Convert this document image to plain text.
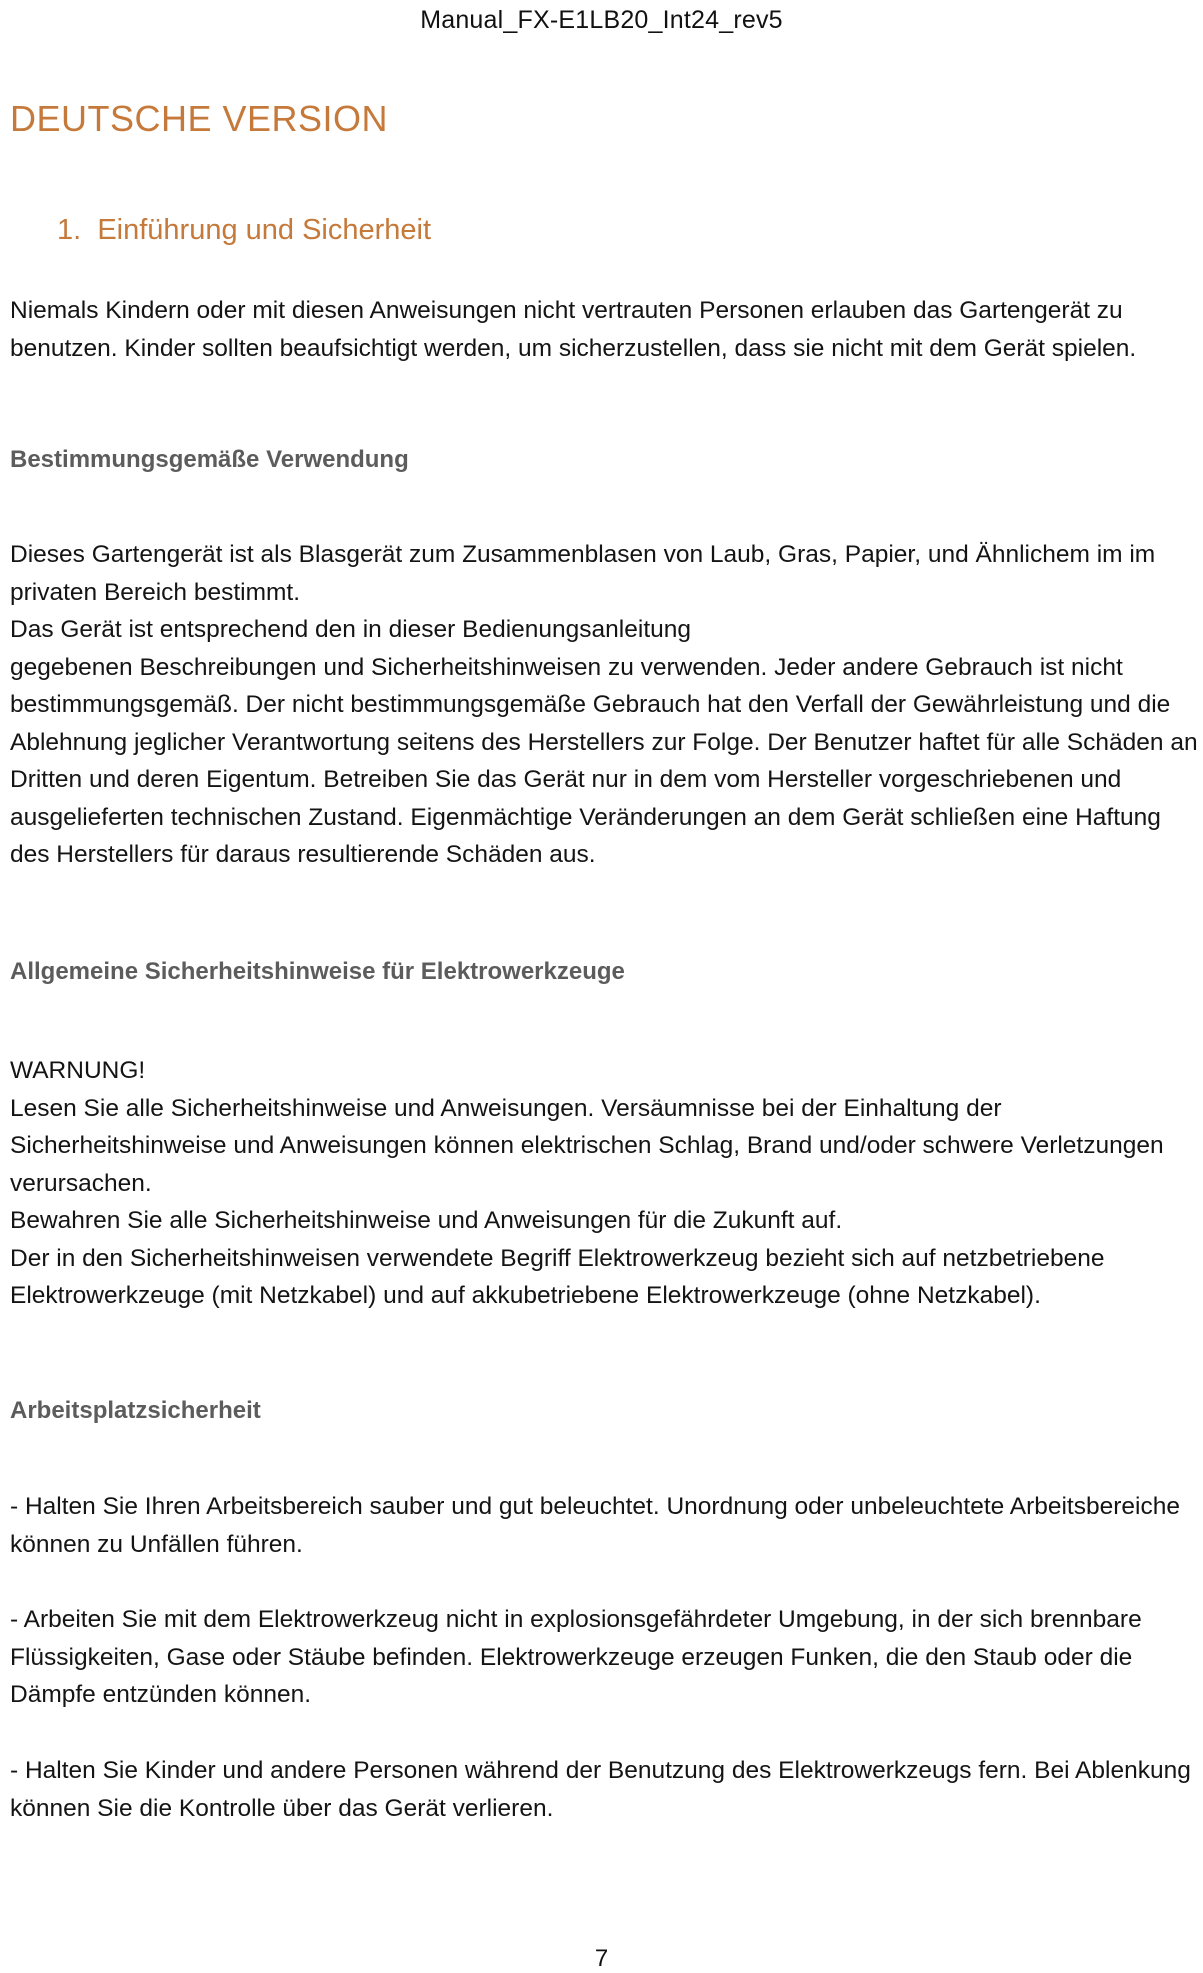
Manual_FX-E1LB20_Int24_rev5
DEUTSCHE VERSION
1. Einführung und Sicherheit

Niemals Kindern oder mit diesen Anweisungen nicht vertrauten Personen erlauben das Gartengerät zu benutzen. Kinder sollten beaufsichtigt werden, um sicherzustellen, dass sie nicht mit dem Gerät spielen.

Bestimmungsgemäße Verwendung

Dieses Gartengerät ist als Blasgerät zum Zusammenblasen von Laub, Gras, Papier, und Ähnlichem im im privaten Bereich bestimmt.

Das Gerät ist entsprechend den in dieser Bedienungsanleitung

gegebenen Beschreibungen und Sicherheitshinweisen zu verwenden. Jeder andere Gebrauch ist nicht bestimmungsgemäß. Der nicht bestimmungsgemäße Gebrauch hat den Verfall der Gewährleistung und die Ablehnung jeglicher Verantwortung seitens des Herstellers zur Folge. Der Benutzer haftet für alle Schäden an Dritten und deren Eigentum. Betreiben Sie das Gerät nur in dem vom Hersteller vorgeschriebenen und ausgelieferten technischen Zustand. Eigenmächtige Veränderungen an dem Gerät schließen eine Haftung des Herstellers für daraus resultierende Schäden aus.

Allgemeine Sicherheitshinweise für Elektrowerkzeuge

WARNUNG!

Lesen Sie alle Sicherheitshinweise und Anweisungen. Versäumnisse bei der Einhaltung der Sicherheitshinweise und Anweisungen können elektrischen Schlag, Brand und/oder schwere Verletzungen verursachen.

Bewahren Sie alle Sicherheitshinweise und Anweisungen für die Zukunft auf.

Der in den Sicherheitshinweisen verwendete Begriff Elektrowerkzeug bezieht sich auf netzbetriebene Elektrowerkzeuge (mit Netzkabel) und auf akkubetriebene Elektrowerkzeuge (ohne Netzkabel).

Arbeitsplatzsicherheit

- Halten Sie Ihren Arbeitsbereich sauber und gut beleuchtet. Unordnung oder unbeleuchtete Arbeitsbereiche können zu Unfällen führen.

- Arbeiten Sie mit dem Elektrowerkzeug nicht in explosionsgefährdeter Umgebung, in der sich brennbare Flüssigkeiten, Gase oder Stäube befinden. Elektrowerkzeuge erzeugen Funken, die den Staub oder die Dämpfe entzünden können.

- Halten Sie Kinder und andere Personen während der Benutzung des Elektrowerkzeugs fern. Bei Ablenkung können Sie die Kontrolle über das Gerät verlieren.

7
